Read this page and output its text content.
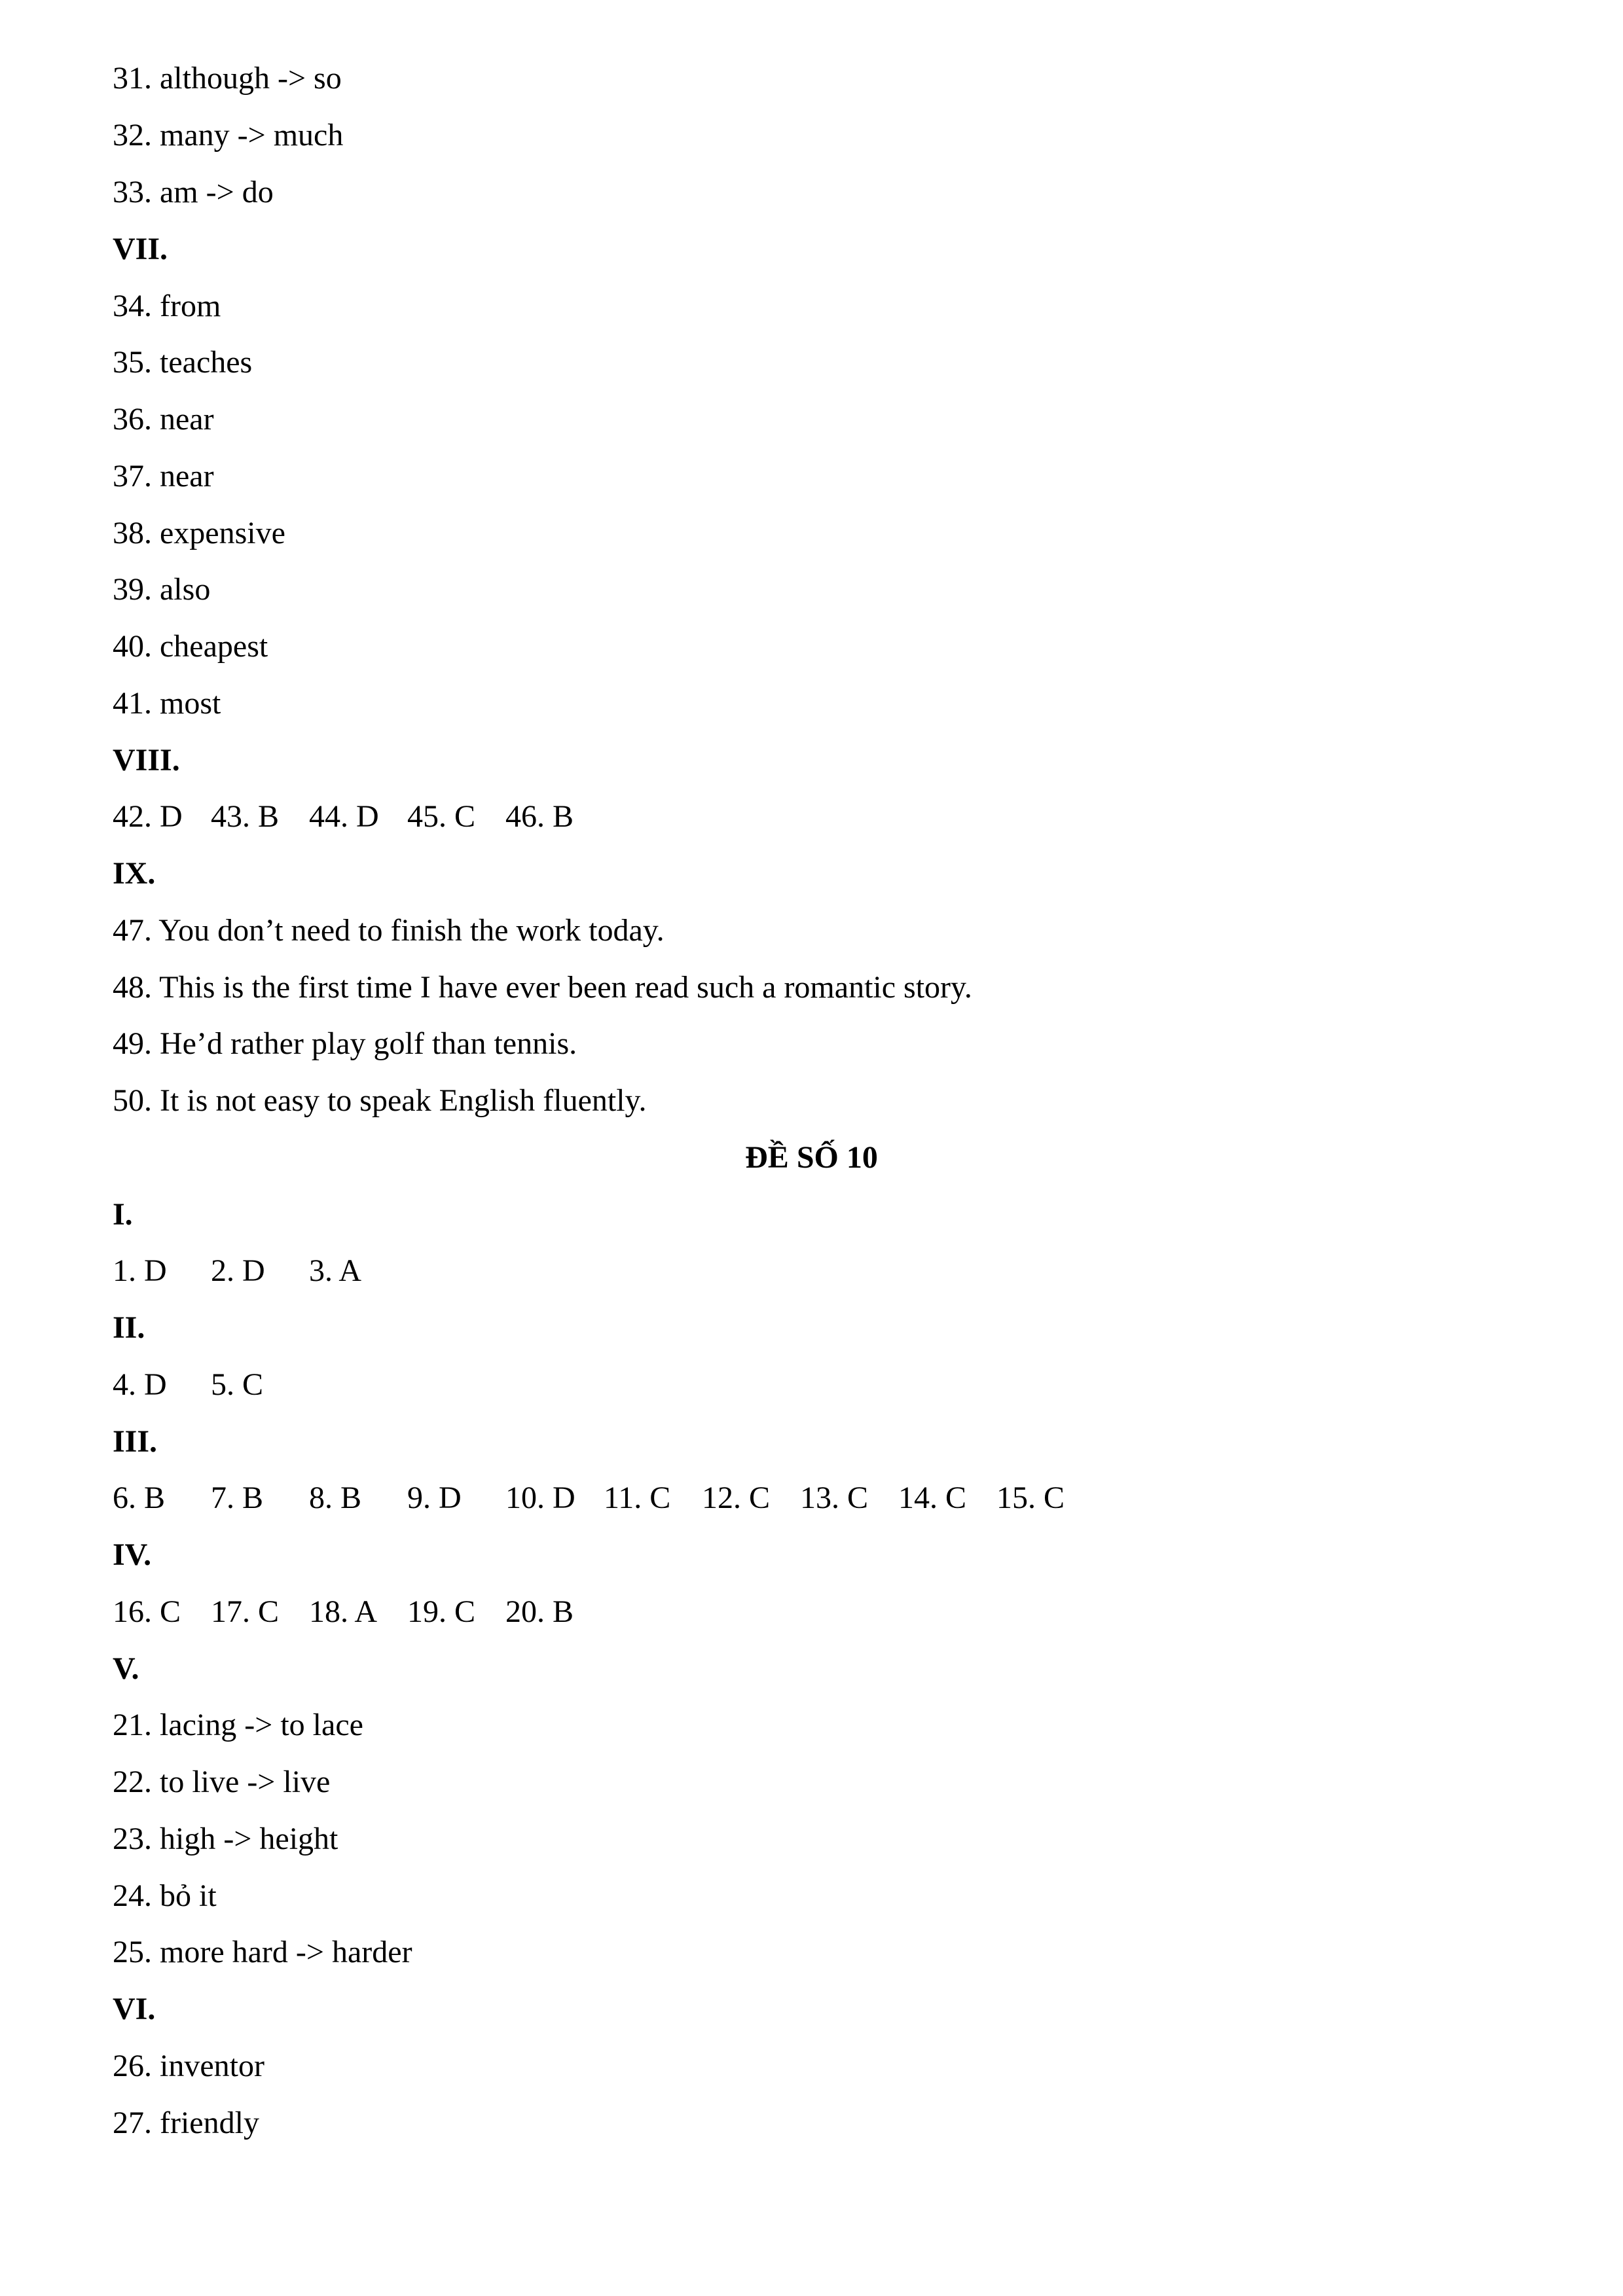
31. although -> so
32. many -> much
33. am -> do
VII.
34. from
35. teaches
36. near
37. near
38. expensive
39. also
40. cheapest
41. most
VIII.
42. D 43. B 44. D 45. C 46. B
IX.
47. You don’t need to finish the work today.
48. This is the first time I have ever been read such a romantic story.
49. He’d rather play golf than tennis.
50. It is not easy to speak English fluently.
ĐỀ SỐ 10
I.
1. D 2. D 3. A
II.
4. D 5. C
III.
6. B 7. B 8. B 9. D 10. D 11. C 12. C 13. C 14. C 15. C
IV.
16. C 17. C 18. A 19. C 20. B
V.
21. lacing -> to lace
22. to live -> live
23. high -> height
24. bỏ it
25. more hard -> harder
VI.
26. inventor
27. friendly
